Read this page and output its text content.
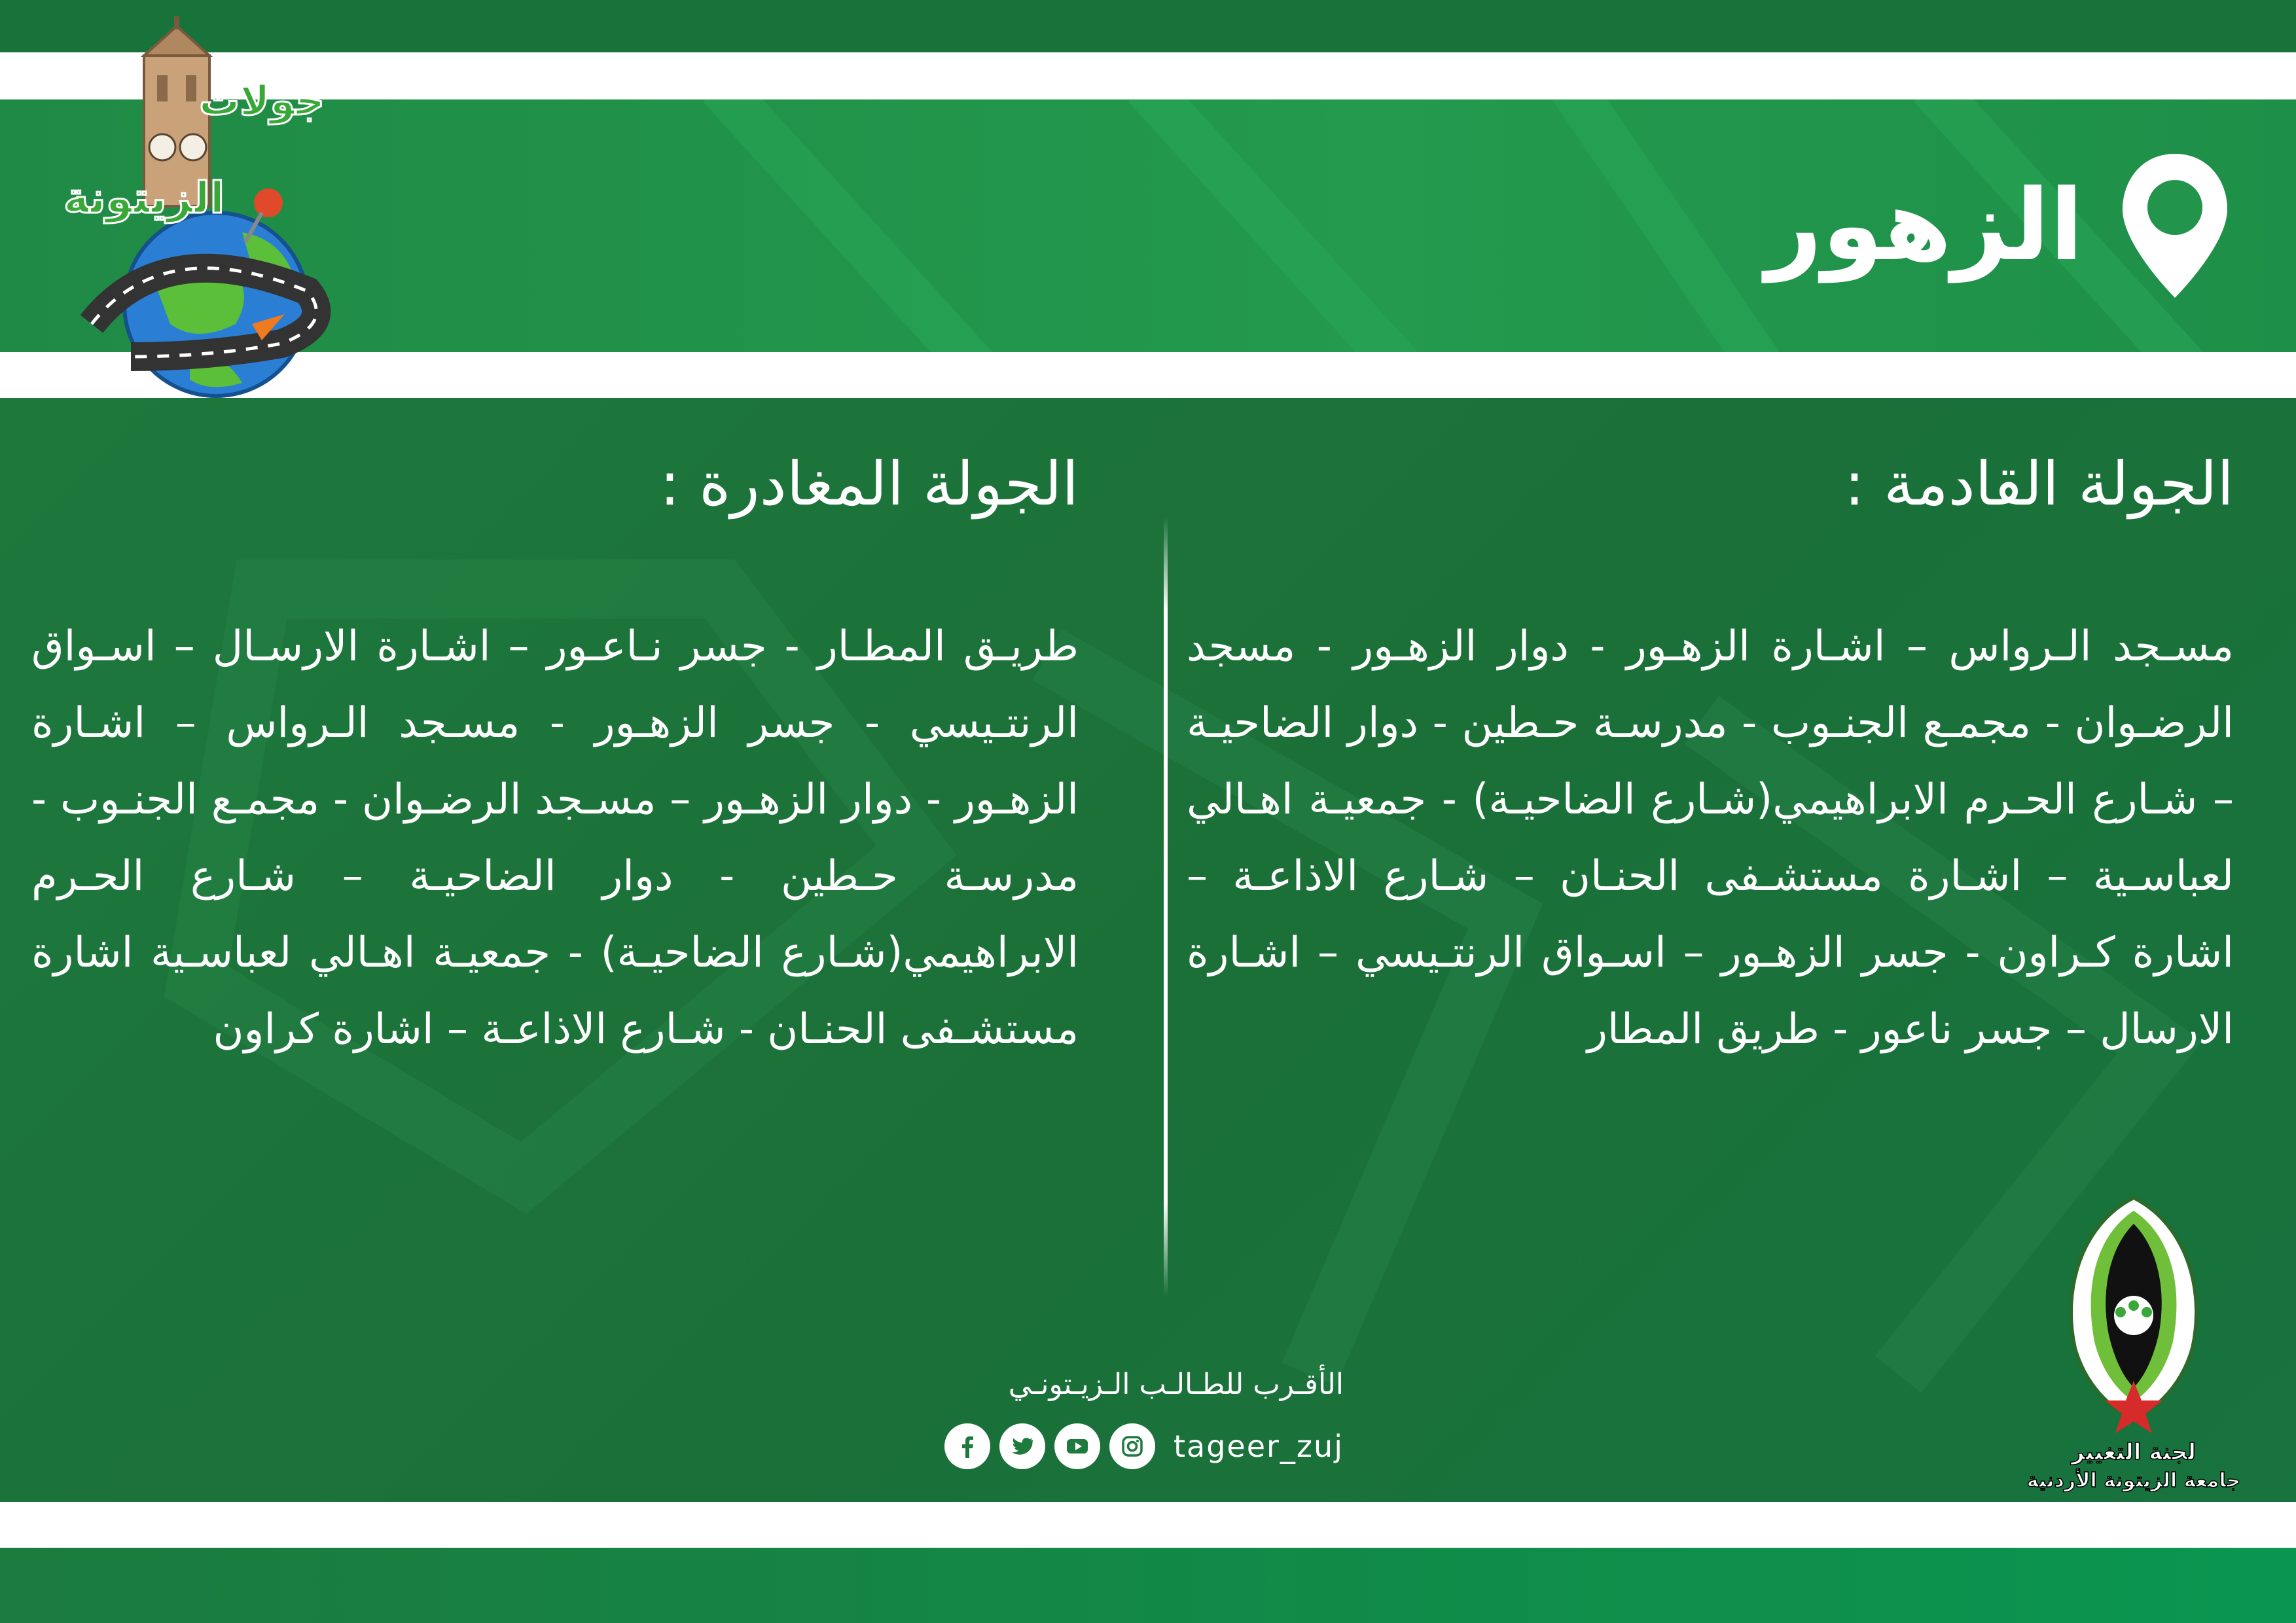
جولات
الزيتونة	الزهور
الجولة القادمة :

مسـجد الـرواس – اشـارة الزهـور - دوار الزهـور - مسجد الرضـوان - مجمـع الجنـوب - مدرسـة حـطين - دوار الضاحيـة – شـارع الحـرم الابراهيمي(شـارع الضاحيـة) - جمعيـة اهـالي لعباسـية – اشـارة مستشـفى الحنـان – شـارع الاذاعـة – اشارة كـراون - جسر الزهـور – اسـواق الرنتـيسي – اشـارة الارسال – جسر ناعور - طريق المطار

الجولة المغادرة :

طريـق المطـار - جسر نـاعـور – اشـارة الارسـال – اسـواق الرنتـيسي - جسر الزهـور - مسـجد الـرواس – اشـارة الزهـور - دوار الزهـور – مسـجد الرضـوان - مجمـع الجنـوب - مدرسـة حـطين - دوار الضاحيـة – شـارع الحـرم الابراهيمي(شـارع الضاحيـة) - جمعيـة اهـالي لعباسـية اشارة مستشـفى الحنـان - شـارع الاذاعـة – اشارة كراون

الأقـرب للطـالـب الـزيـتونـي
tageer_zuj	لجنة التغيير
جامعة الزيتونة الأردنية
